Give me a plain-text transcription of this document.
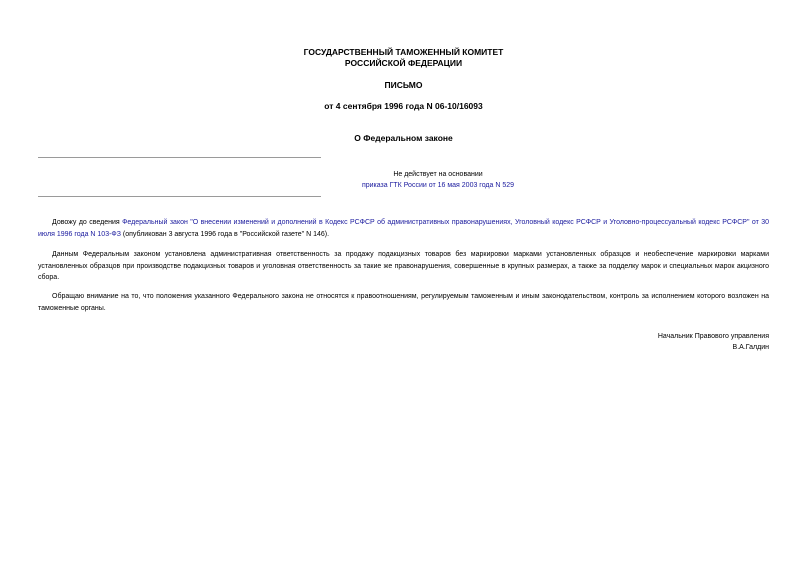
ГОСУДАРСТВЕННЫЙ ТАМОЖЕННЫЙ КОМИТЕТ
РОССИЙСКОЙ ФЕДЕРАЦИИ
ПИСЬМО
от 4 сентября 1996 года N 06-10/16093
О Федеральном законе
Не действует на основании
приказа ГТК России от 16 мая 2003 года N 529
Довожу до сведения Федеральный закон "О внесении изменений и дополнений в Кодекс РСФСР об административных правонарушениях, Уголовный кодекс РСФСР и Уголовно-процессуальный кодекс РСФСР" от 30 июля 1996 года N 103-ФЗ (опубликован 3 августа 1996 года в "Российской газете" N 146).
Данным Федеральным законом установлена административная ответственность за продажу подакцизных товаров без маркировки марками установленных образцов и необеспечение маркировки марками установленных образцов при производстве подакцизных товаров и уголовная ответственность за такие же правонарушения, совершенные в крупных размерах, а также за подделку марок и специальных марок акцизного сбора.
Обращаю внимание на то, что положения указанного Федерального закона не относятся к правоотношениям, регулируемым таможенным и иным законодательством, контроль за исполнением которого возложен на таможенные органы.
Начальник Правового управления
В.А.Галдин
